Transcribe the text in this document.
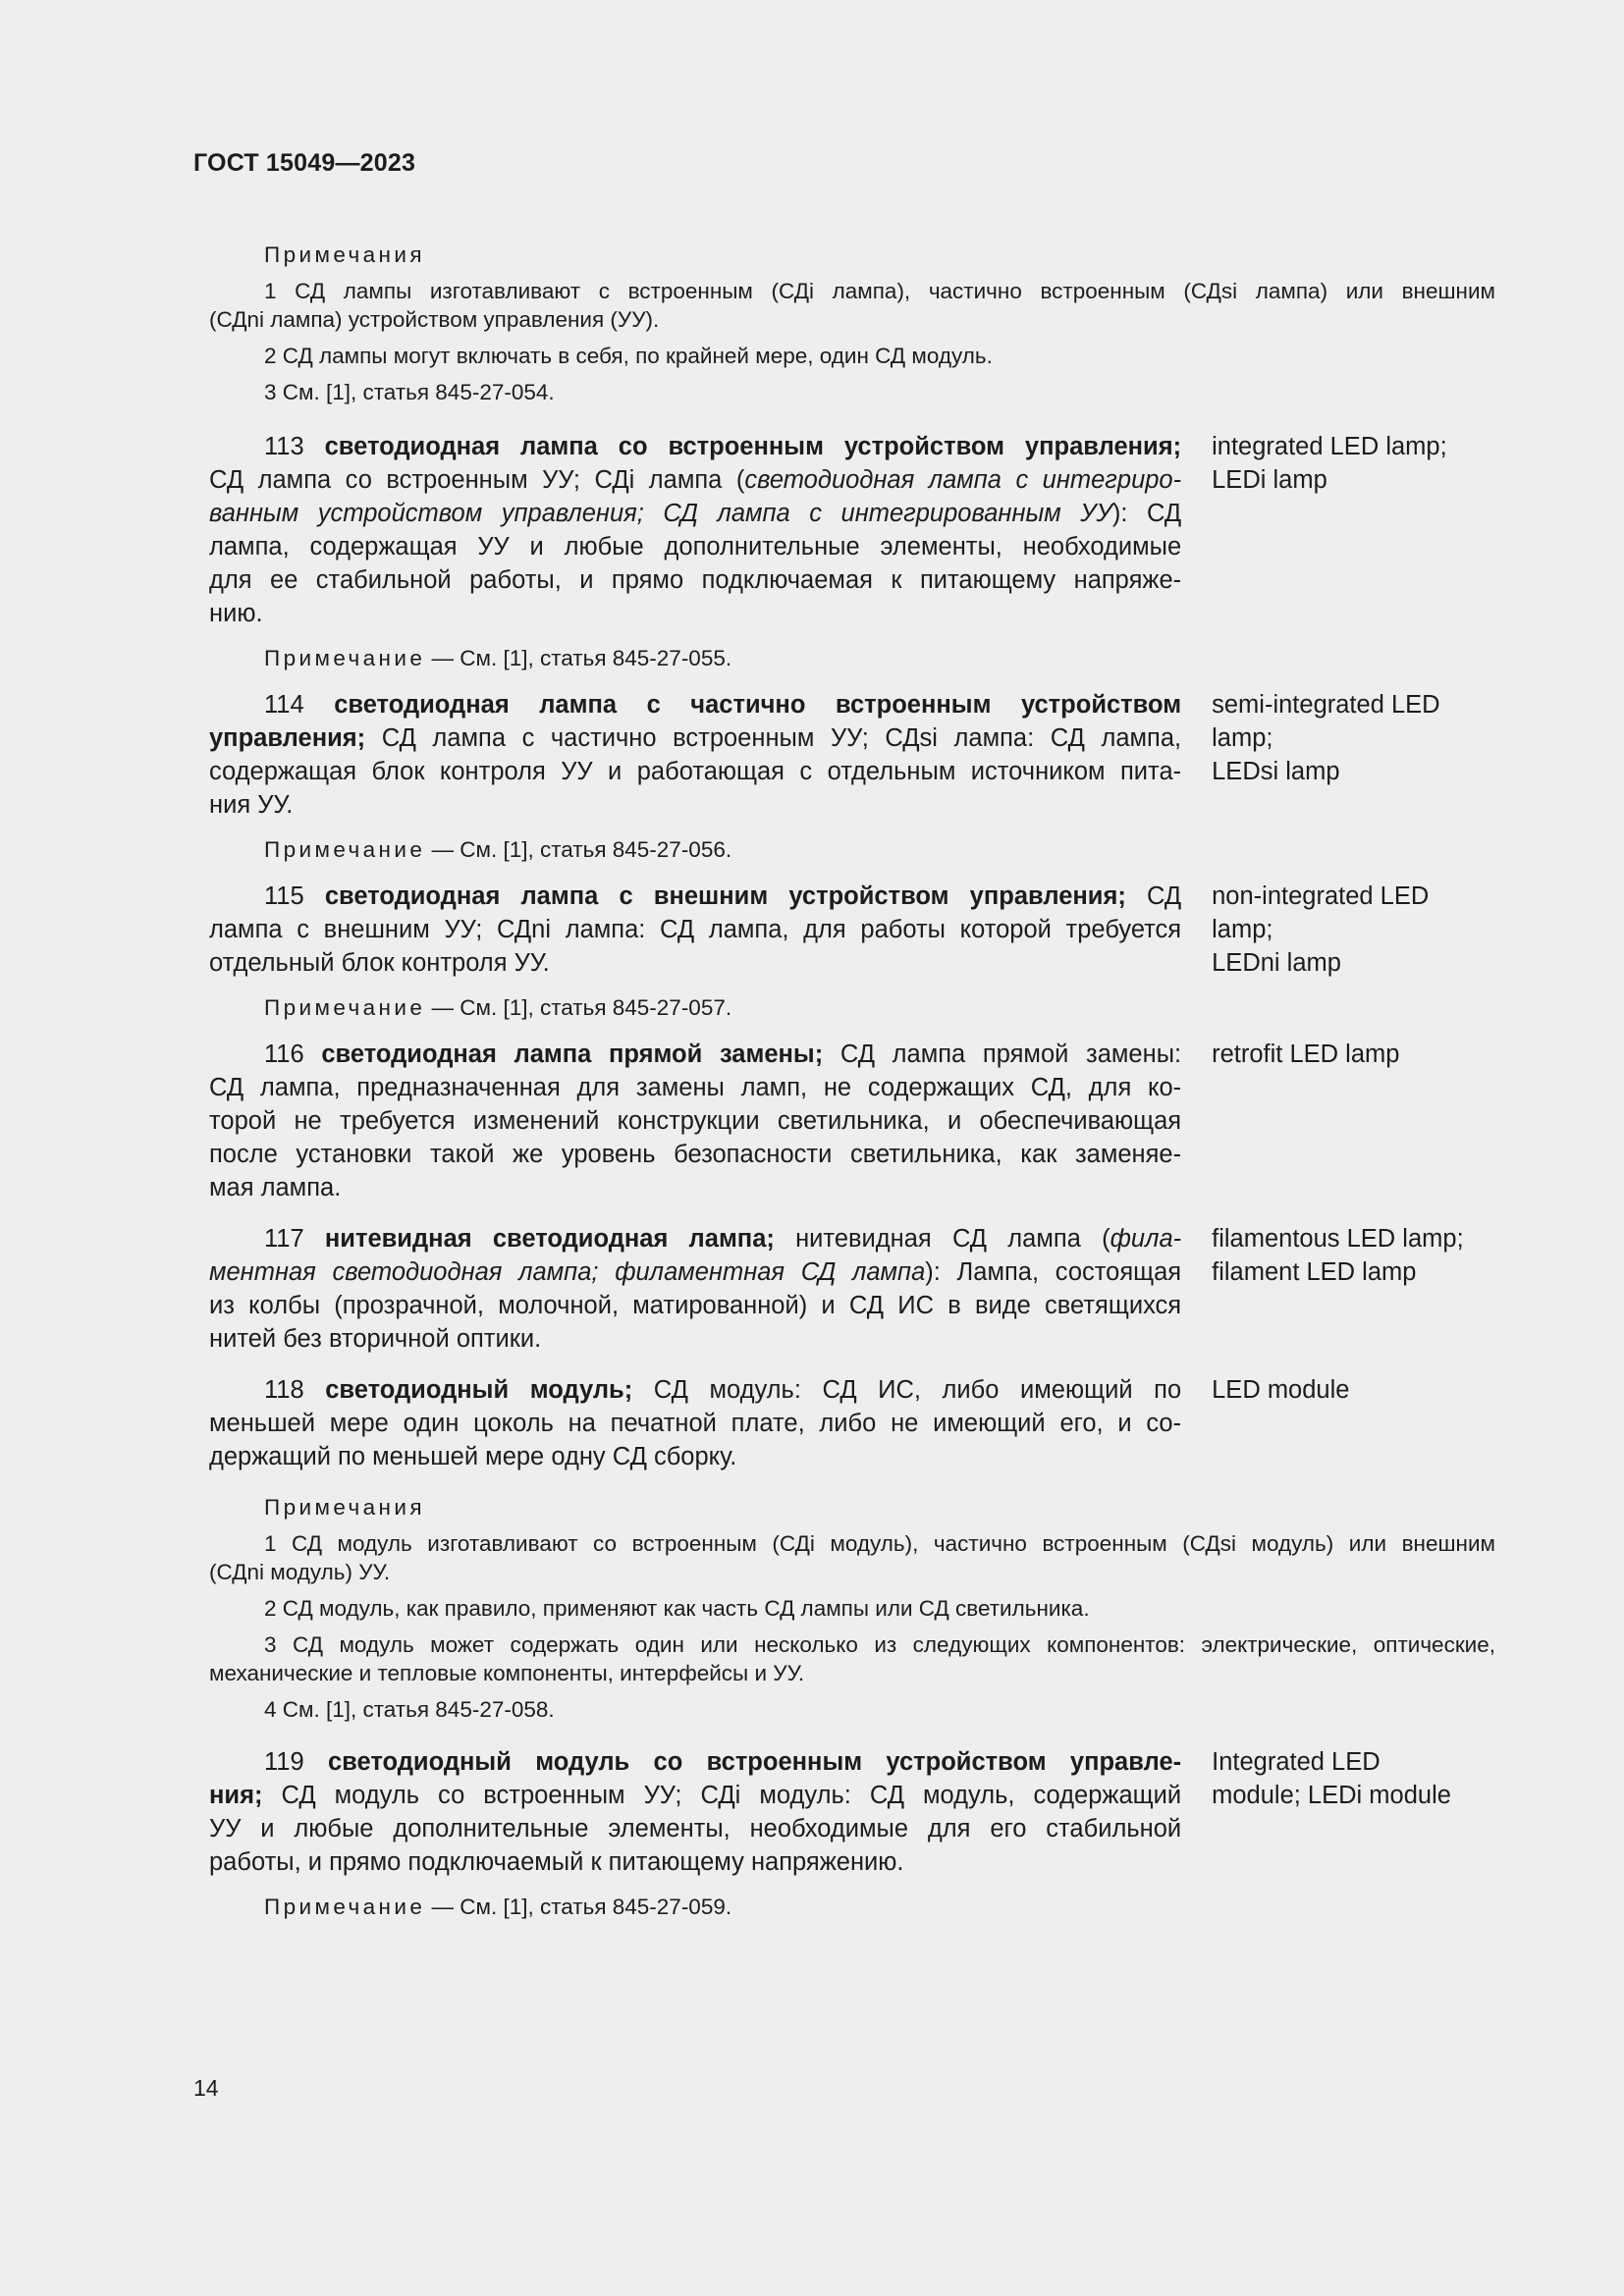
ГОСТ 15049—2023
Примечания
1 СД лампы изготавливают с встроенным (СДi лампа), частично встроенным (СДsi лампа) или внешним
(СДni лампа) устройством управления (УУ).
2 СД лампы могут включать в себя, по крайней мере, один СД модуль.
3 См. [1], статья 845-27-054.
113 светодиодная лампа со встроенным устройством управления;
СД лампа со встроенным УУ; СДi лампа (светодиодная лампа с интегриро-
ванным устройством управления; СД лампа с интегрированным УУ): СД
лампа, содержащая УУ и любые дополнительные элементы, необходимые
для ее стабильной работы, и прямо подключаемая к питающему напряже-
нию.
integrated LED lamp;
LEDi lamp
Примечание — См. [1], статья 845-27-055.
114 светодиодная лампа с частично встроенным устройством
управления; СД лампа с частично встроенным УУ; СДsi лампа: СД лампа,
содержащая блок контроля УУ и работающая с отдельным источником пита-
ния УУ.
semi-integrated LED
lamp;
LEDsi lamp
Примечание — См. [1], статья 845-27-056.
115 светодиодная лампа с внешним устройством управления; СД
лампа с внешним УУ; СДni лампа: СД лампа, для работы которой требуется
отдельный блок контроля УУ.
non-integrated LED
lamp;
LEDni lamp
Примечание — См. [1], статья 845-27-057.
116 светодиодная лампа прямой замены; СД лампа прямой замены:
СД лампа, предназначенная для замены ламп, не содержащих СД, для ко-
торой не требуется изменений конструкции светильника, и обеспечивающая
после установки такой же уровень безопасности светильника, как заменяе-
мая лампа.
retrofit LED lamp
117 нитевидная светодиодная лампа; нитевидная СД лампа (фила-
ментная светодиодная лампа; филаментная СД лампа): Лампа, состоящая
из колбы (прозрачной, молочной, матированной) и СД ИС в виде светящихся
нитей без вторичной оптики.
filamentous LED lamp;
filament LED lamp
118 светодиодный модуль; СД модуль: СД ИС, либо имеющий по
меньшей мере один цоколь на печатной плате, либо не имеющий его, и со-
держащий по меньшей мере одну СД сборку.
LED module
Примечания
1 СД модуль изготавливают со встроенным (СДi модуль), частично встроенным (СДsi модуль) или внешним
(СДni модуль) УУ.
2 СД модуль, как правило, применяют как часть СД лампы или СД светильника.
3 СД модуль может содержать один или несколько из следующих компонентов: электрические, оптические,
механические и тепловые компоненты, интерфейсы и УУ.
4 См. [1], статья 845-27-058.
119 светодиодный модуль со встроенным устройством управле-
ния; СД модуль со встроенным УУ; СДi модуль: СД модуль, содержащий
УУ и любые дополнительные элементы, необходимые для его стабильной
работы, и прямо подключаемый к питающему напряжению.
Integrated LED
module; LEDi module
Примечание — См. [1], статья 845-27-059.
14
